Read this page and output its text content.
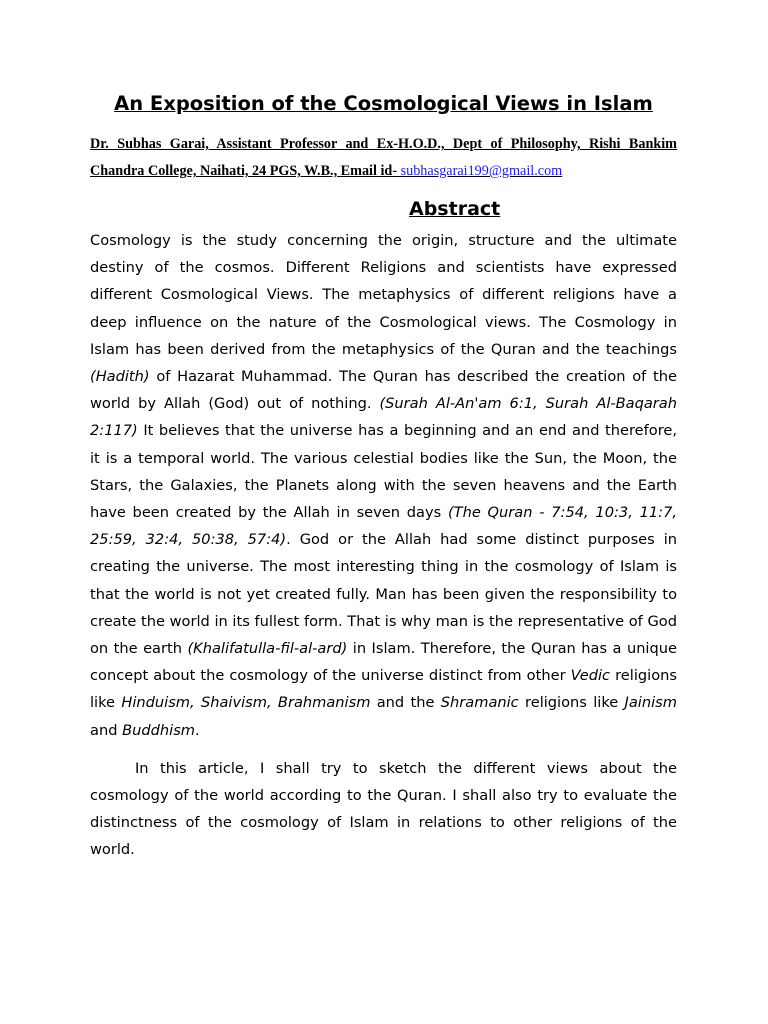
An Exposition of the Cosmological Views in Islam

Dr. Subhas Garai, Assistant Professor and Ex-H.O.D., Dept of Philosophy, Rishi Bankim Chandra College, Naihati, 24 PGS, W.B., Email id- subhasgarai199@gmail.com

Abstract

Cosmology is the study concerning the origin, structure and the ultimate destiny of the cosmos. Different Religions and scientists have expressed different Cosmological Views. The metaphysics of different religions have a deep influence on the nature of the Cosmological views. The Cosmology in Islam has been derived from the metaphysics of the Quran and the teachings (Hadith) of Hazarat Muhammad. The Quran has described the creation of the world by Allah (God) out of nothing. (Surah Al-An'am 6:1, Surah Al-Baqarah 2:117) It believes that the universe has a beginning and an end and therefore, it is a temporal world. The various celestial bodies like the Sun, the Moon, the Stars, the Galaxies, the Planets along with the seven heavens and the Earth have been created by the Allah in seven days (The Quran - 7:54, 10:3, 11:7, 25:59, 32:4, 50:38, 57:4). God or the Allah had some distinct purposes in creating the universe. The most interesting thing in the cosmology of Islam is that the world is not yet created fully. Man has been given the responsibility to create the world in its fullest form. That is why man is the representative of God on the earth (Khalifatulla-fil-al-ard) in Islam. Therefore, the Quran has a unique concept about the cosmology of the universe distinct from other Vedic religions like Hinduism, Shaivism, Brahmanism and the Shramanic religions like Jainism and Buddhism.

In this article, I shall try to sketch the different views about the cosmology of the world according to the Quran. I shall also try to evaluate the distinctness of the cosmology of Islam in relations to other religions of the world.
